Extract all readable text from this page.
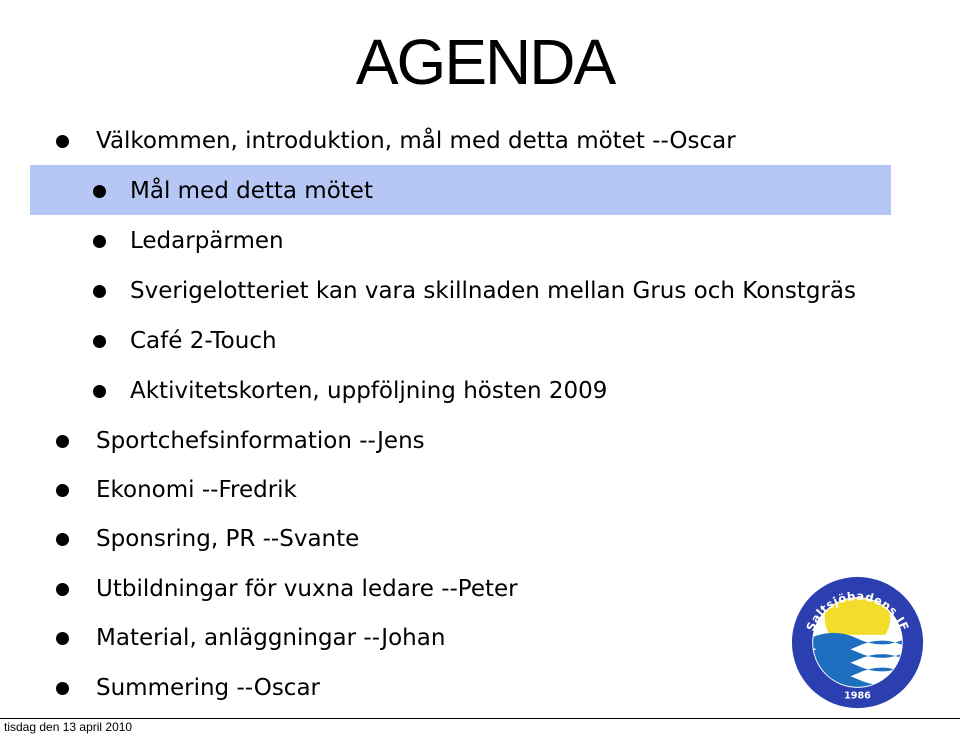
AGENDA
Välkommen, introduktion, mål med detta mötet --Oscar
Mål med detta mötet
Ledarpärmen
Sverigelotteriet kan vara skillnaden mellan Grus och Konstgräs
Café 2-Touch
Aktivitetskorten, uppföljning hösten 2009
Sportchefsinformation --Jens
Ekonomi --Fredrik
Sponsring, PR --Svante
Utbildningar för vuxna ledare --Peter
Material, anläggningar --Johan
Summering --Oscar
Saltsjöbadens IF
1986
tisdag den 13 april 2010
